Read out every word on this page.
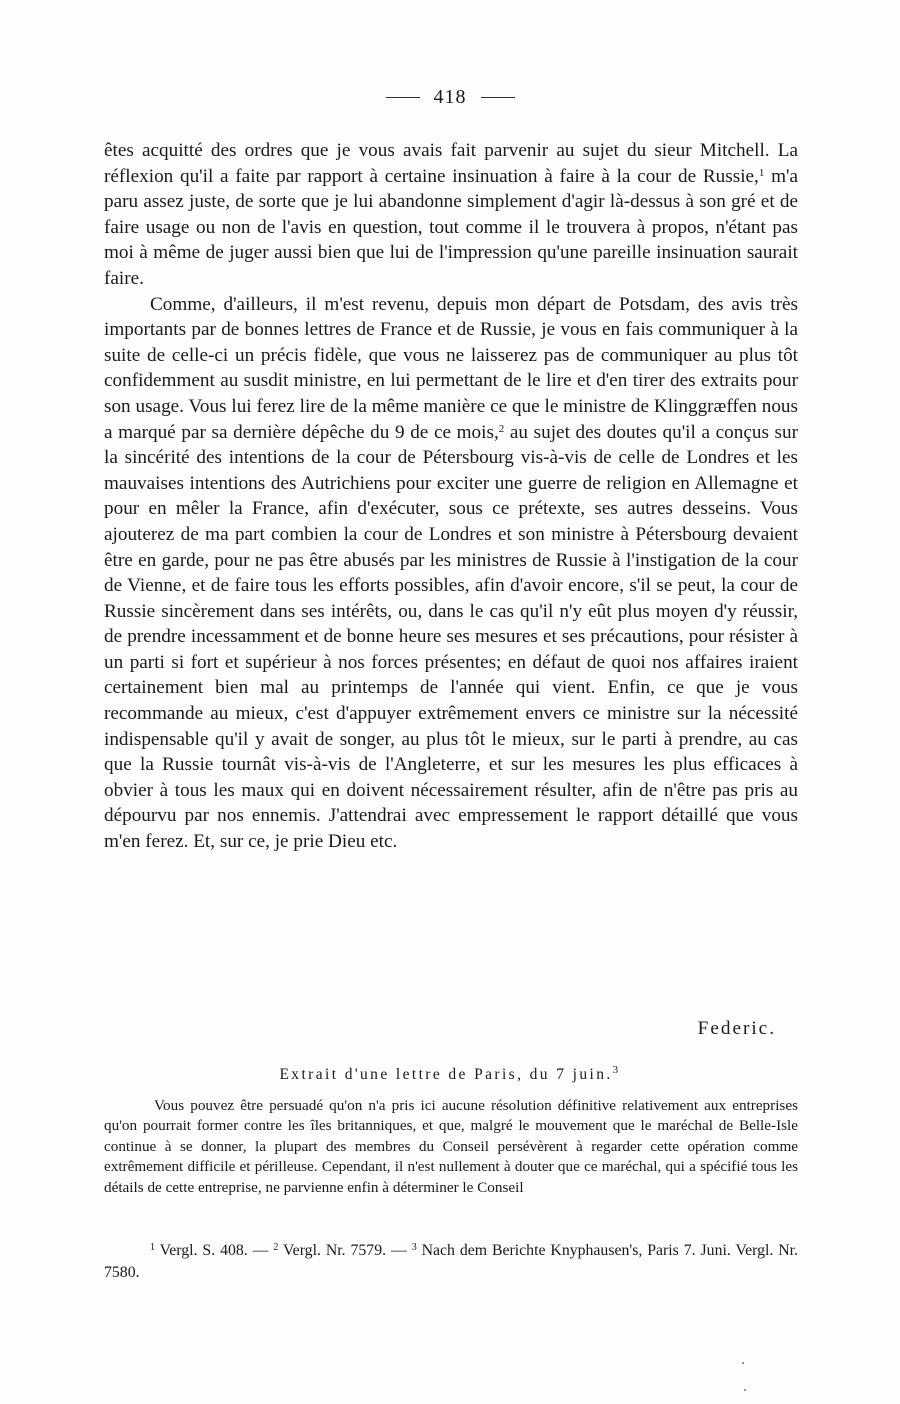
418

êtes acquitté des ordres que je vous avais fait parvenir au sujet du sieur Mitchell. La réflexion qu'il a faite par rapport à certaine insinuation à faire à la cour de Russie,$^1$ m'a paru assez juste, de sorte que je lui abandonne simplement d'agir là-dessus à son gré et de faire usage ou non de l'avis en question, tout comme il le trouvera à propos, n'étant pas moi à même de juger aussi bien que lui de l'impression qu'une pareille insinuation saurait faire.

Comme, d'ailleurs, il m'est revenu, depuis mon départ de Potsdam, des avis très importants par de bonnes lettres de France et de Russie, je vous en fais communiquer à la suite de celle-ci un précis fidèle, que vous ne laisserez pas de communiquer au plus tôt confidemment au susdit ministre, en lui permettant de le lire et d'en tirer des extraits pour son usage. Vous lui ferez lire de la même manière ce que le ministre de Klinggræffen nous a marqué par sa dernière dépêche du 9 de ce mois,$^2$ au sujet des doutes qu'il a conçus sur la sincérité des intentions de la cour de Pétersbourg vis-à-vis de celle de Londres et les mauvaises intentions des Autrichiens pour exciter une guerre de religion en Allemagne et pour en mêler la France, afin d'exécuter, sous ce prétexte, ses autres desseins. Vous ajouterez de ma part combien la cour de Londres et son ministre à Pétersbourg devaient être en garde, pour ne pas être abusés par les ministres de Russie à l'instigation de la cour de Vienne, et de faire tous les efforts possibles, afin d'avoir encore, s'il se peut, la cour de Russie sincèrement dans ses intérêts, ou, dans le cas qu'il n'y eût plus moyen d'y réussir, de prendre incessamment et de bonne heure ses mesures et ses précautions, pour résister à un parti si fort et supérieur à nos forces présentes; en défaut de quoi nos affaires iraient certainement bien mal au printemps de l'année qui vient. Enfin, ce que je vous recommande au mieux, c'est d'appuyer extrêmement envers ce ministre sur la nécessité indispensable qu'il y avait de songer, au plus tôt le mieux, sur le parti à prendre, au cas que la Russie tournât vis-à-vis de l'Angleterre, et sur les mesures les plus efficaces à obvier à tous les maux qui en doivent nécessairement résulter, afin de n'être pas pris au dépourvu par nos ennemis. J'attendrai avec empressement le rapport détaillé que vous m'en ferez. Et, sur ce, je prie Dieu etc.

Federic.
Extrait d'une lettre de Paris, du 7 juin.$^3$

Vous pouvez être persuadé qu'on n'a pris ici aucune résolution définitive relativement aux entreprises qu'on pourrait former contre les îles britanniques, et que, malgré le mouvement que le maréchal de Belle-Isle continue à se donner, la plupart des membres du Conseil persévèrent à regarder cette opération comme extrêmement difficile et périlleuse. Cependant, il n'est nullement à douter que ce maréchal, qui a spécifié tous les détails de cette entreprise, ne parvienne enfin à déterminer le Conseil

$^1$ Vergl. S. 408. — $^2$ Vergl. Nr. 7579. — $^3$ Nach dem Berichte Knyphausen's, Paris 7. Juni. Vergl. Nr. 7580.
